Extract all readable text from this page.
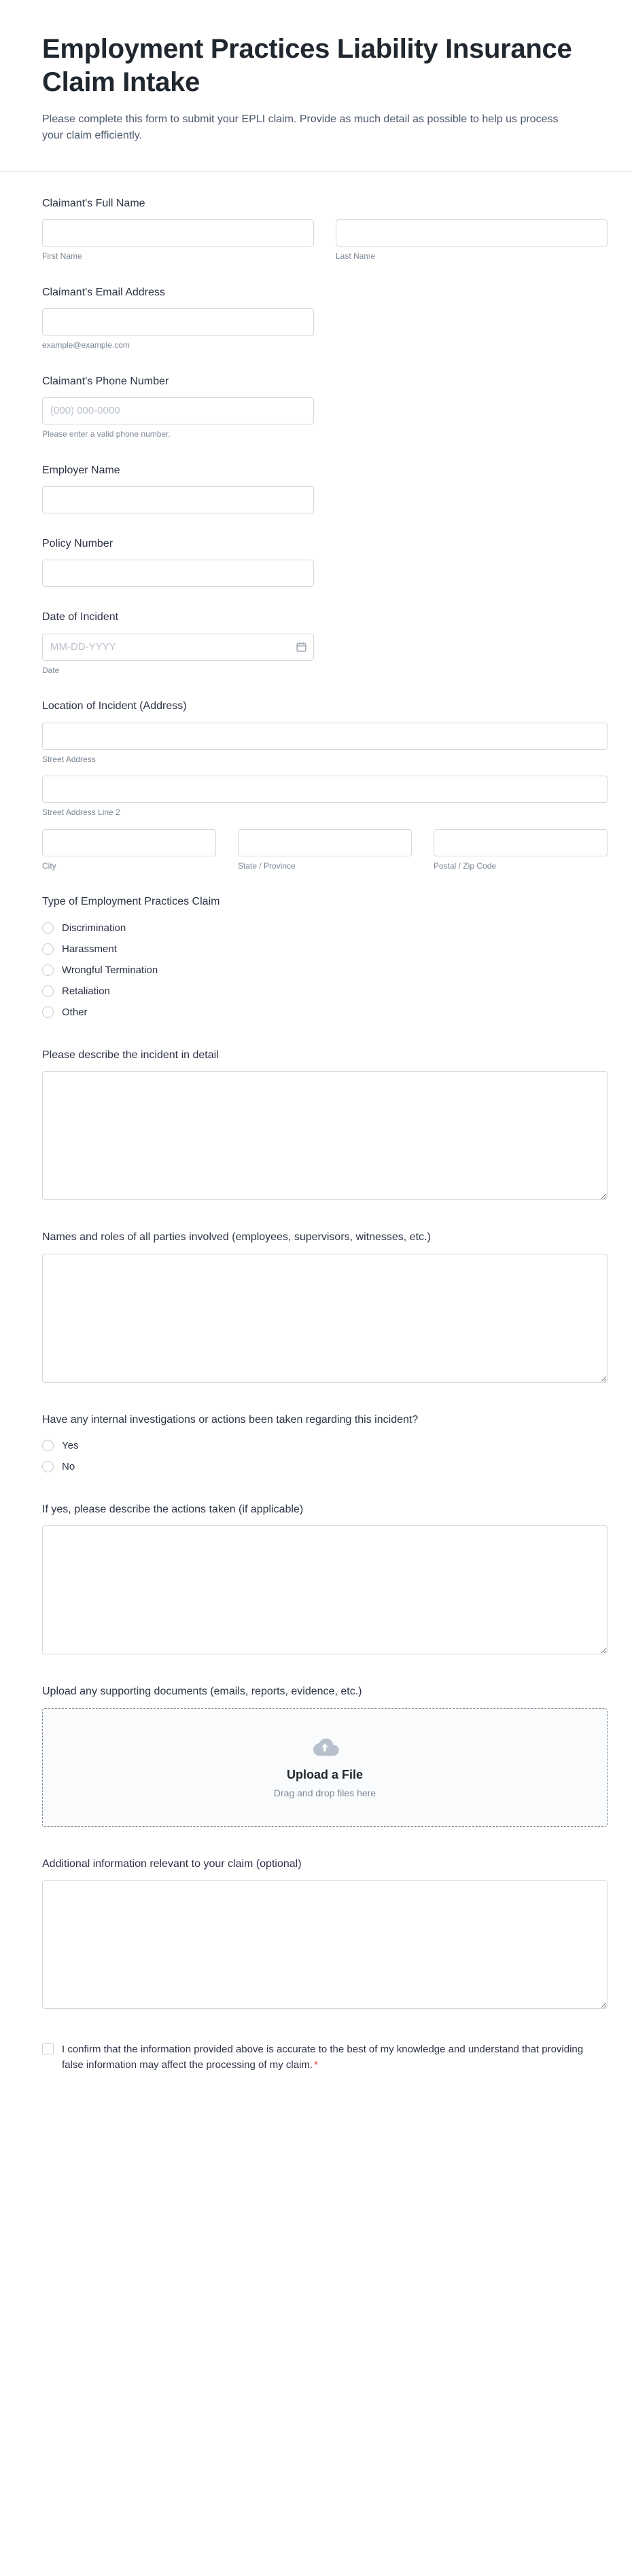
Employment Practices Liability Insurance Claim Intake

Please complete this form to submit your EPLI claim. Provide as much detail as possible to help us process your claim efficiently.

Claimant's Full Name
First Name	Last Name
Claimant's Email Address
example@example.com
Claimant's Phone Number
(000) 000-0000
Please enter a valid phone number.
Employer Name
Policy Number
Date of Incident
MM-DD-YYYY
Date
Location of Incident (Address)
Street Address
Street Address Line 2
City	State / Province	Postal / Zip Code
Type of Employment Practices Claim
Discrimination
Harassment
Wrongful Termination
Retaliation
Other
Please describe the incident in detail
Names and roles of all parties involved (employees, supervisors, witnesses, etc.)
Have any internal investigations or actions been taken regarding this incident?
Yes
No
If yes, please describe the actions taken (if applicable)
Upload any supporting documents (emails, reports, evidence, etc.)
Upload a File
Drag and drop files here
Additional information relevant to your claim (optional)
I confirm that the information provided above is accurate to the best of my knowledge and understand that providing false information may affect the processing of my claim. *
